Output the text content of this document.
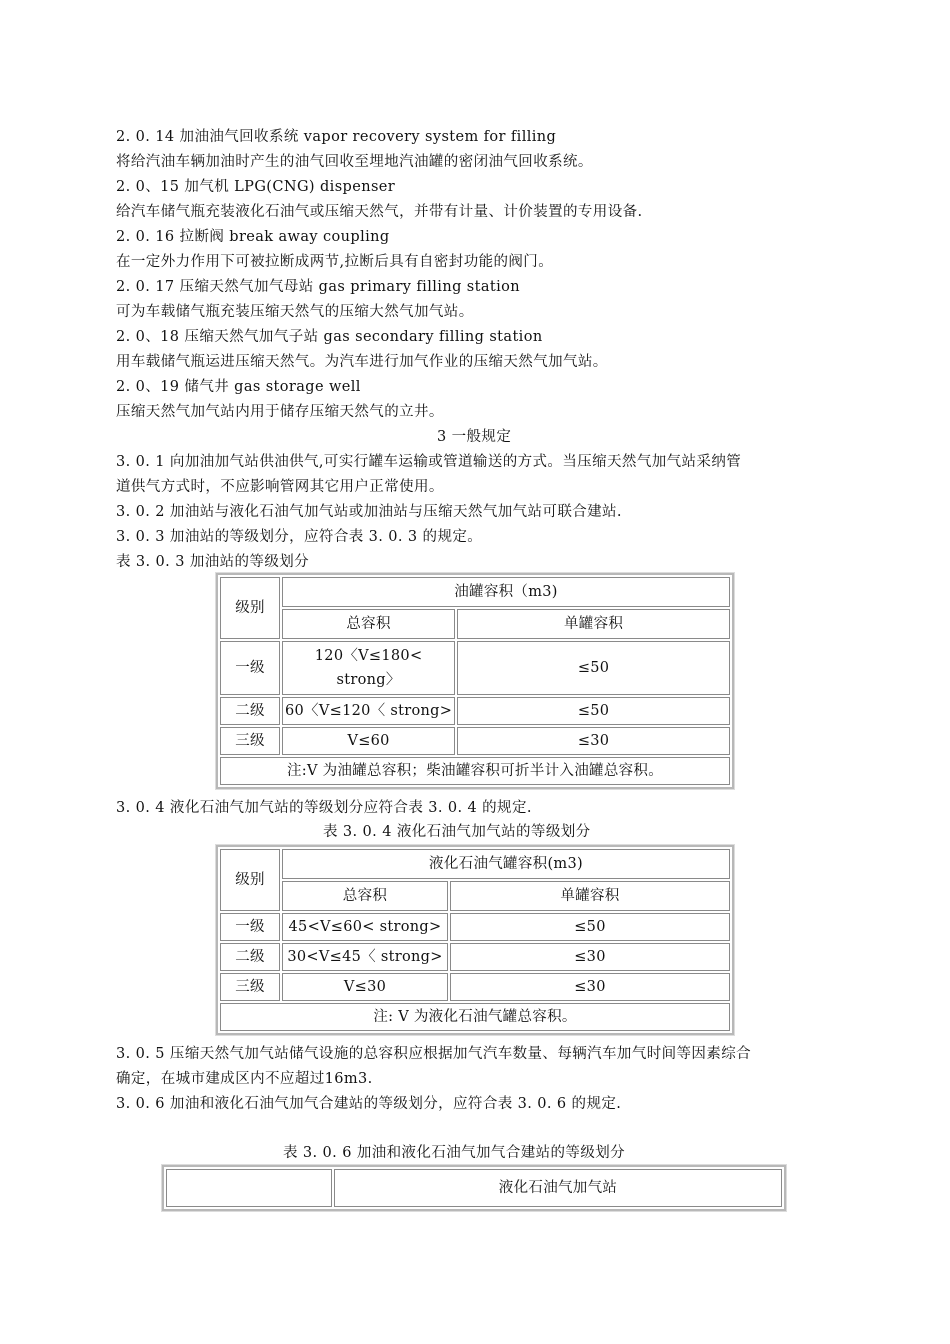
2. 0. 14 加油油气回收系统 vapor recovery system for filling
将给汽油车辆加油时产生的油气回收至埋地汽油罐的密闭油气回收系统。
2. 0、15 加气机 LPG(CNG) dispenser
给汽车储气瓶充装液化石油气或压缩天然气，并带有计量、计价装置的专用设备.
2. 0. 16 拉断阀 break away coupling
在一定外力作用下可被拉断成两节,拉断后具有自密封功能的阀门。
2. 0. 17 压缩天然气加气母站 gas primary filling station
可为车载储气瓶充装压缩天然气的压缩大然气加气站。
2. 0、18 压缩天然气加气子站 gas secondary filling station
用车载储气瓶运进压缩天然气。为汽车进行加气作业的压缩天然气加气站。
2. 0、19 储气井 gas storage well
压缩天然气加气站内用于储存压缩天然气的立井。
3 一般规定
3. 0. 1 向加油加气站供油供气,可实行罐车运输或管道输送的方式。当压缩天然气加气站采纳管
道供气方式时，不应影响管网其它用户正常使用。
3. 0. 2 加油站与液化石油气加气站或加油站与压缩天然气加气站可联合建站.
3. 0. 3 加油站的等级划分，应符合表 3. 0. 3 的规定。
表 3. 0. 3 加油站的等级划分
级别	油罐容积（m3)	
	总容积	单罐容积
一级	120〈V≤180< strong〉	≤50
二级	60〈V≤120〈 strong>	≤50
三级	V≤60	≤30
注:V 为油罐总容积；柴油罐容积可折半计入油罐总容积。		
3. 0. 4 液化石油气加气站的等级划分应符合表 3. 0. 4 的规定.
表 3. 0. 4 液化石油气加气站的等级划分
级别	液化石油气罐容积(m3)	
	总容积	单罐容积
一级	45<V≤60< strong>	≤50
二级	30<V≤45〈 strong>	≤30
三级	V≤30	≤30
注: V 为液化石油气罐总容积。		
3. 0. 5 压缩天然气加气站储气设施的总容积应根据加气汽车数量、每辆汽车加气时间等因素综合
确定，在城市建成区内不应超过16m3.
3. 0. 6 加油和液化石油气加气合建站的等级划分，应符合表 3. 0. 6 的规定.
表 3. 0. 6 加油和液化石油气加气合建站的等级划分
	液化石油气加气站
